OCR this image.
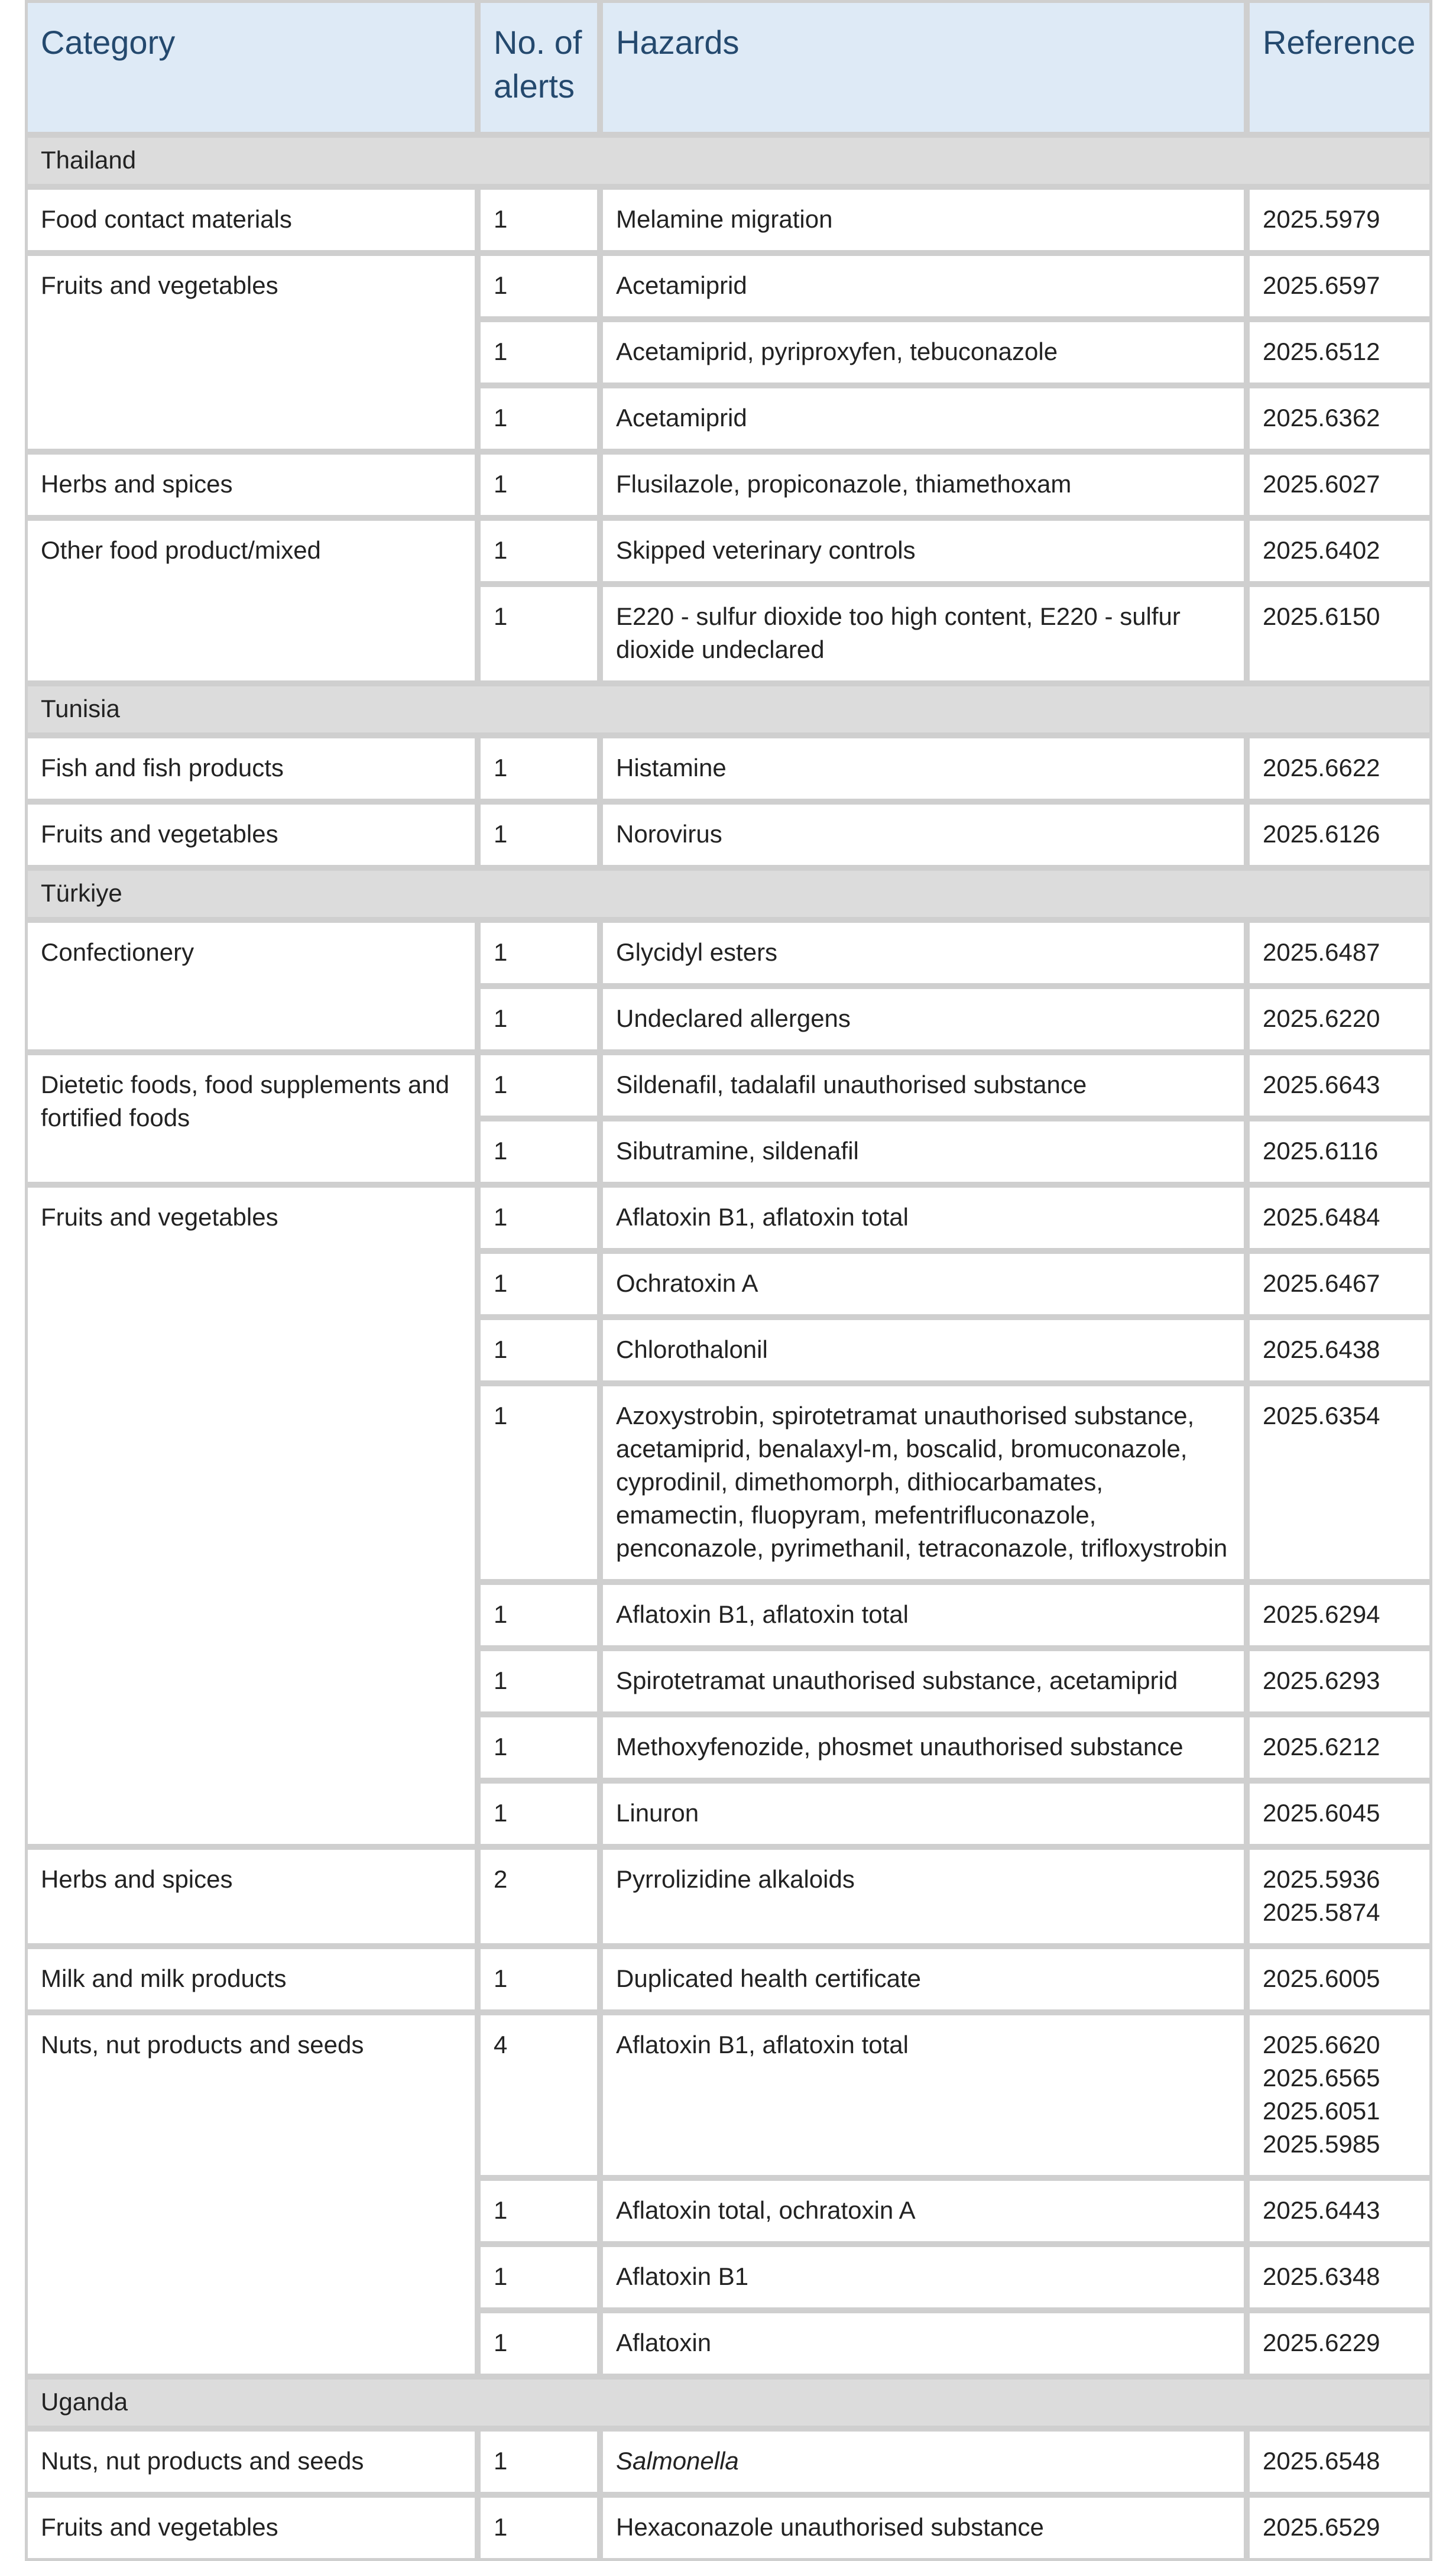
Category	No. of alerts	Hazards	Reference
Thailand			
Food contact materials	1	Melamine migration	2025.5979

Fruits and vegetables	1	Acetamiprid	2025.6597

	1	Acetamiprid, pyriproxyfen, tebuconazole	2025.6512

	1	Acetamiprid	2025.6362

Herbs and spices	1	Flusilazole, propiconazole, thiamethoxam	2025.6027

Other food product/mixed	1	Skipped veterinary controls	2025.6402

	1	E220 - sulfur dioxide too high content, E220 - sulfur dioxide undeclared	2025.6150

Tunisia			
Fish and fish products	1	Histamine	2025.6622

Fruits and vegetables	1	Norovirus	2025.6126

Türkiye			
Confectionery	1	Glycidyl esters	2025.6487

	1	Undeclared allergens	2025.6220

Dietetic foods, food supplements and fortified foods	1	Sildenafil, tadalafil unauthorised substance	2025.6643

	1	Sibutramine, sildenafil	2025.6116

Fruits and vegetables	1	Aflatoxin B1, aflatoxin total	2025.6484

	1	Ochratoxin A	2025.6467

	1	Chlorothalonil	2025.6438

	1	Azoxystrobin, spirotetramat unauthorised substance, acetamiprid, benalaxyl-m, boscalid, bromuconazole, cyprodinil, dimethomorph, dithiocarbamates, emamectin, fluopyram, mefentrifluconazole, penconazole, pyrimethanil, tetraconazole, trifloxystrobin	2025.6354

	1	Aflatoxin B1, aflatoxin total	2025.6294

	1	Spirotetramat unauthorised substance, acetamiprid	2025.6293

	1	Methoxyfenozide, phosmet unauthorised substance	2025.6212

	1	Linuron	2025.6045

Herbs and spices	2	Pyrrolizidine alkaloids	2025.5936
2025.5874

Milk and milk products	1	Duplicated health certificate	2025.6005

Nuts, nut products and seeds	4	Aflatoxin B1, aflatoxin total	2025.6620
2025.6565
2025.6051
2025.5985

	1	Aflatoxin total, ochratoxin A	2025.6443

	1	Aflatoxin B1	2025.6348

	1	Aflatoxin	2025.6229

Uganda			
Nuts, nut products and seeds	1	Salmonella	2025.6548

Fruits and vegetables	1	Hexaconazole unauthorised substance	2025.6529
